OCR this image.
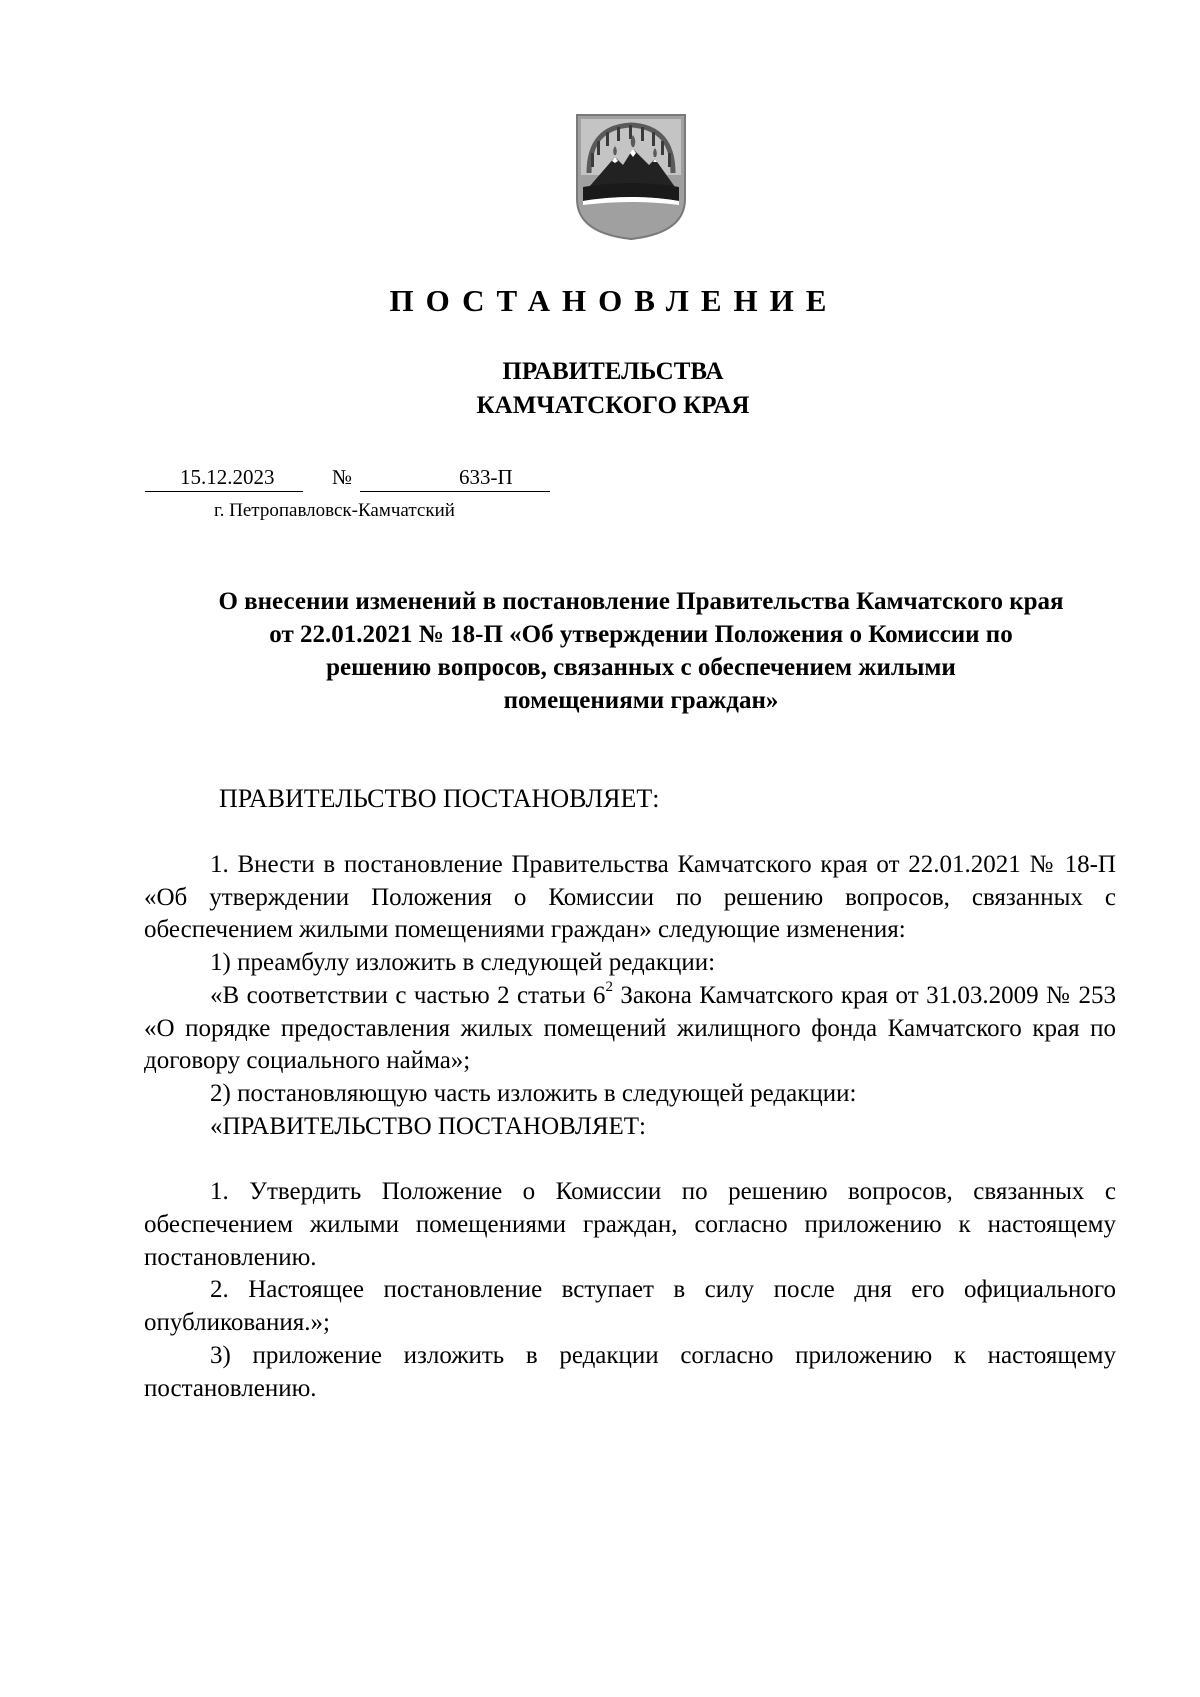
ПОСТАНОВЛЕНИЕ
ПРАВИТЕЛЬСТВА
КАМЧАТСКОГО КРАЯ
15.12.2023	№	633-П
г. Петропавловск-Камчатский
О внесении изменений в постановление Правительства Камчатского края
от 22.01.2021 № 18-П «Об утверждении Положения о Комиссии по
решению вопросов, связанных с обеспечением жилыми
помещениями граждан»
ПРАВИТЕЛЬСТВО ПОСТАНОВЛЯЕТ:

1. Внести в постановление Правительства Камчатского края от 22.01.2021 № 18-П «Об утверждении Положения о Комиссии по решению вопросов, связанных с обеспечением жилыми помещениями граждан» следующие изменения:

1) преамбулу изложить в следующей редакции:

«В соответствии с частью 2 статьи $6^2$ Закона Камчатского края от 31.03.2009 № 253 «О порядке предоставления жилых помещений жилищного фонда Камчатского края по договору социального найма»;

2) постановляющую часть изложить в следующей редакции:

«ПРАВИТЕЛЬСТВО ПОСТАНОВЛЯЕТ:

1. Утвердить Положение о Комиссии по решению вопросов, связанных с обеспечением жилыми помещениями граждан, согласно приложению к настоящему постановлению.

2. Настоящее постановление вступает в силу после дня его официального опубликования.»;

3) приложение изложить в редакции согласно приложению к настоящему постановлению.
